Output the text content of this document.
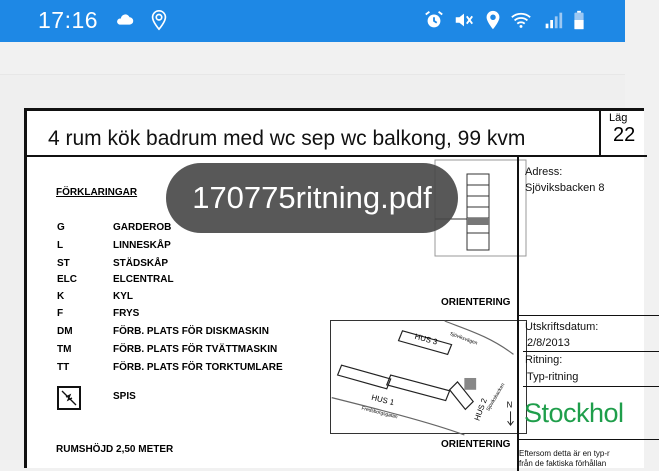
17:16
4 rum kök badrum med wc sep wc balkong, 99 kvm
Läg
22
FÖRKLARINGAR
G	GARDEROB
L	LINNESKÅP
ST	STÄDSKÅP
ELC	ELCENTRAL
K	KYL
F	FRYS
DM	FÖRB. PLATS FÖR DISKMASKIN
TM	FÖRB. PLATS FÖR TVÄTTMASKIN
TT	FÖRB. PLATS FÖR TORKTUMLARE
SPIS
RUMSHÖJD 2,50 METER
ORIENTERING
HUS 3
HUS 1	HUS 2
Fredsborgsgatan
Sjöviksvägen
Sjöviksbacken N
ORIENTERING
Adress:
Sjöviksbacken 8
Utskriftsdatum:
2/8/2013
Ritning:
Typ-ritning
Stockhol
Eftersom detta är en typ-r
från de faktiska förhållan
170775ritning.pdf
